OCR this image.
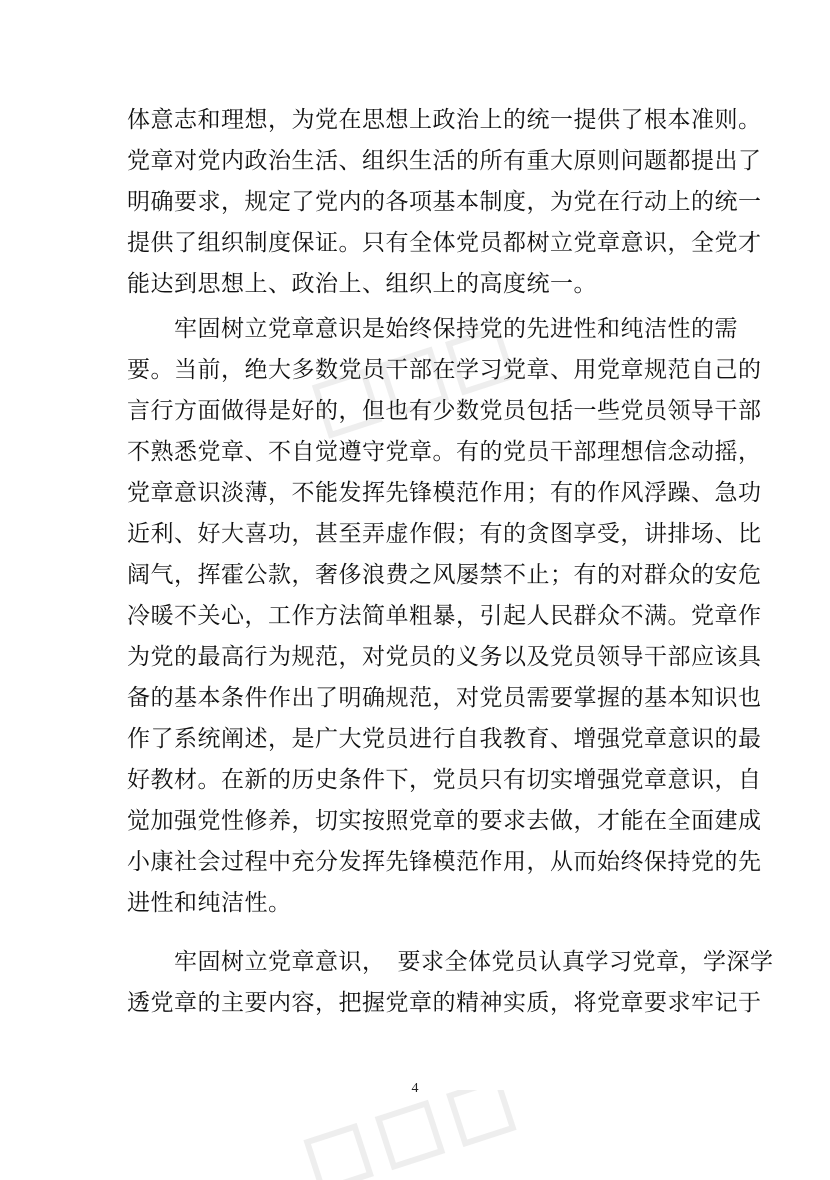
体意志和理想，为党在思想上政治上的统一提供了根本准则。
党章对党内政治生活、组织生活的所有重大原则问题都提出了
明确要求，规定了党内的各项基本制度，为党在行动上的统一
提供了组织制度保证。只有全体党员都树立党章意识，全党才
能达到思想上、政治上、组织上的高度统一。
　　牢固树立党章意识是始终保持党的先进性和纯洁性的需
要。当前，绝大多数党员干部在学习党章、用党章规范自己的
言行方面做得是好的，但也有少数党员包括一些党员领导干部
不熟悉党章、不自觉遵守党章。有的党员干部理想信念动摇，
党章意识淡薄，不能发挥先锋模范作用；有的作风浮躁、急功
近利、好大喜功，甚至弄虚作假；有的贪图享受，讲排场、比
阔气，挥霍公款，奢侈浪费之风屡禁不止；有的对群众的安危
冷暖不关心，工作方法简单粗暴，引起人民群众不满。党章作
为党的最高行为规范，对党员的义务以及党员领导干部应该具
备的基本条件作出了明确规范，对党员需要掌握的基本知识也
作了系统阐述，是广大党员进行自我教育、增强党章意识的最
好教材。在新的历史条件下，党员只有切实增强党章意识，自
觉加强党性修养，切实按照党章的要求去做，才能在全面建成
小康社会过程中充分发挥先锋模范作用，从而始终保持党的先
进性和纯洁性。
　　牢固树立党章意识，　要求全体党员认真学习党章，学深学
透党章的主要内容，把握党章的精神实质，将党章要求牢记于
4
